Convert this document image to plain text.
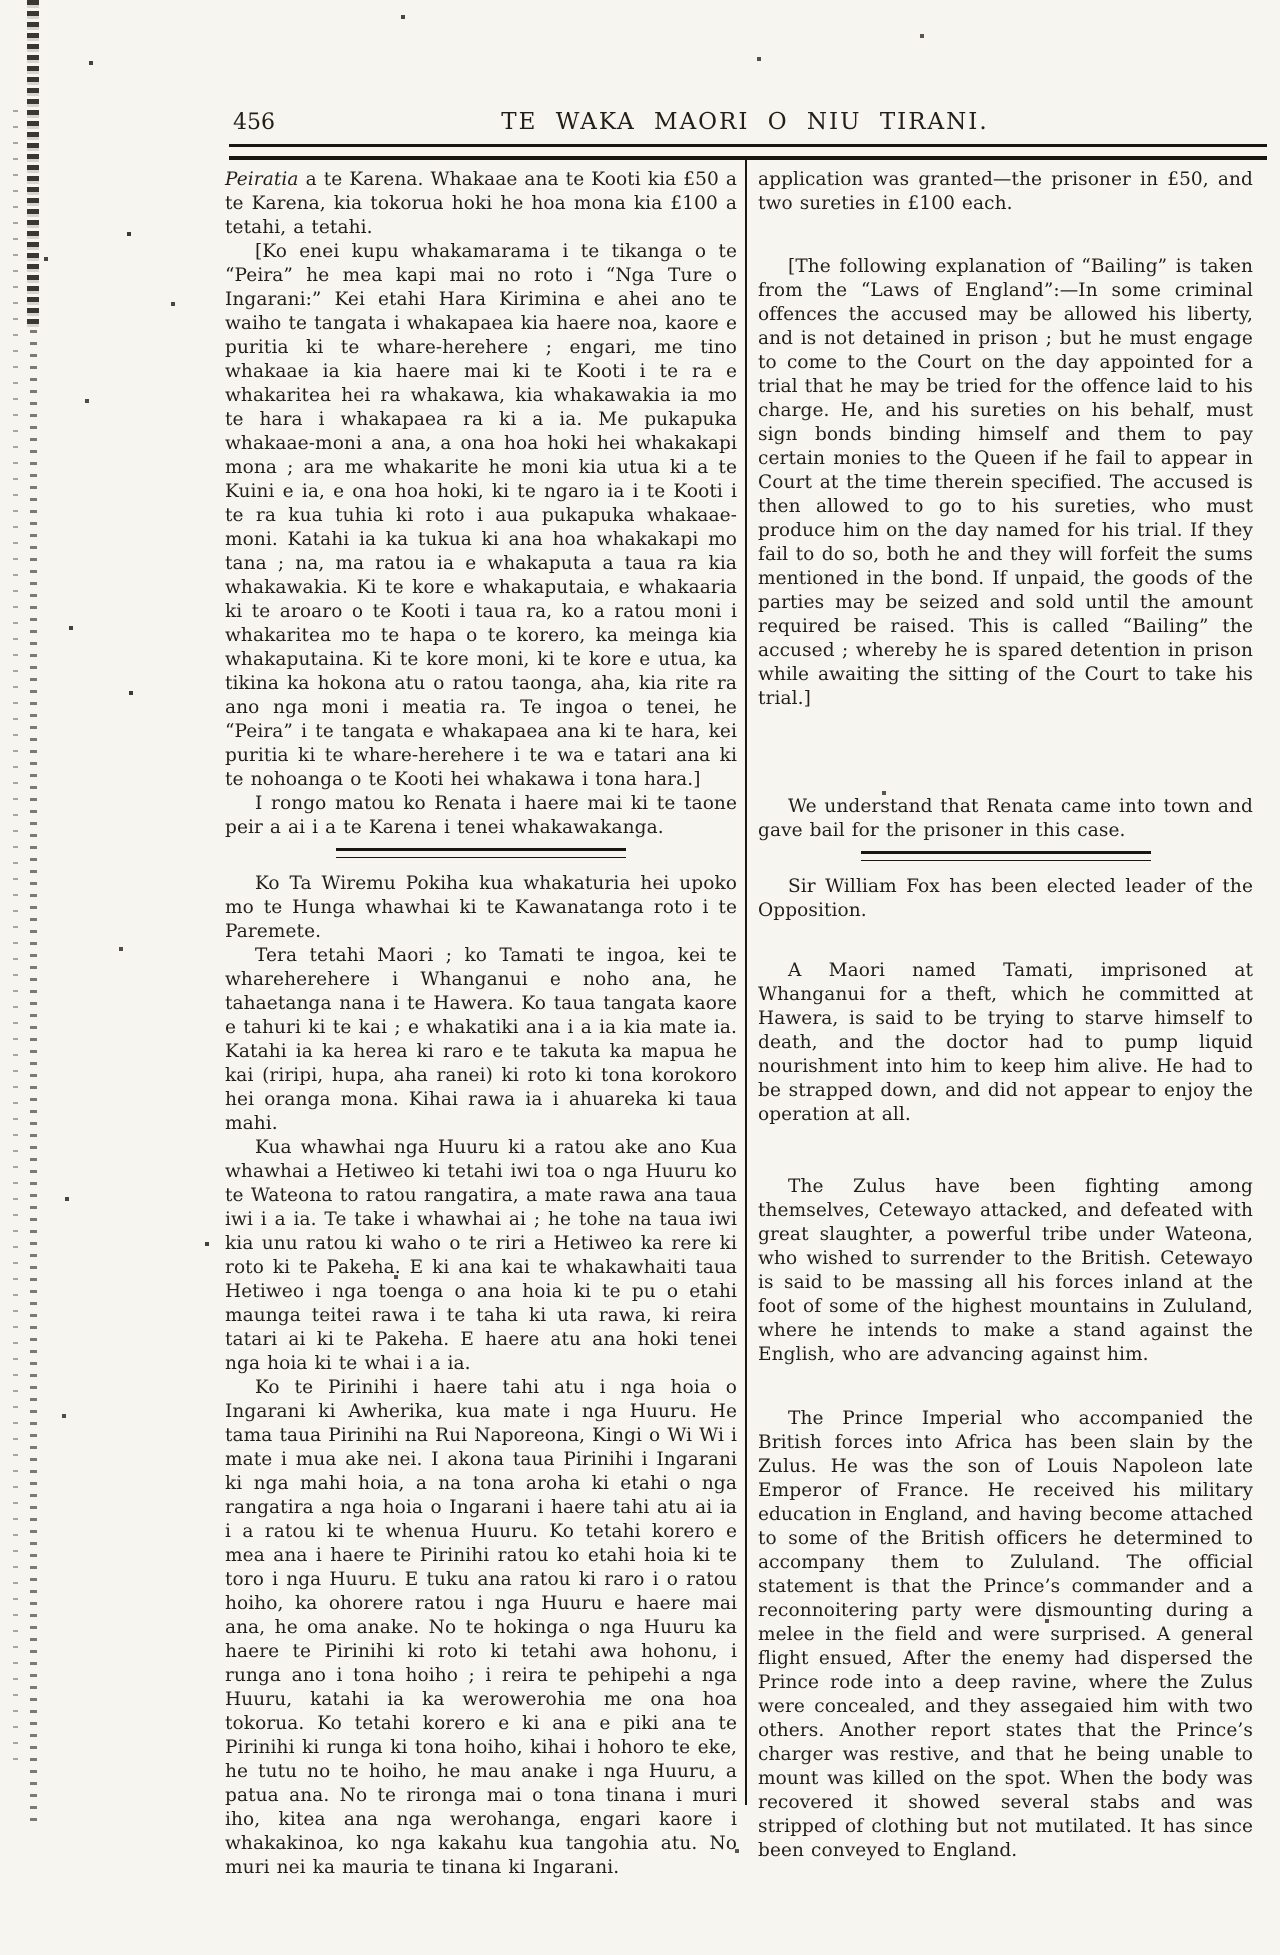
456	TE WAKA MAORI O NIU TIRANI.

Peiratia a te Karena. Whakaae ana te Kooti kia £50 a te Karena, kia tokorua hoki he hoa mona kia £100 a tetahi, a tetahi.

[Ko enei kupu whakamarama i te tikanga o te “Peira” he mea kapi mai no roto i “Nga Ture o Ingarani:” Kei etahi Hara Kirimina e ahei ano te waiho te tangata i whakapaea kia haere noa, kaore e puritia ki te whare-herehere ; engari, me tino whakaae ia kia haere mai ki te Kooti i te ra e whakaritea hei ra whakawa, kia whakawakia ia mo te hara i whakapaea ra ki a ia. Me pukapuka whakaae-moni a ana, a ona hoa hoki hei whakakapi mona ; ara me whakarite he moni kia utua ki a te Kuini e ia, e ona hoa hoki, ki te ngaro ia i te Kooti i te ra kua tuhia ki roto i aua pukapuka whakaae-moni. Katahi ia ka tukua ki ana hoa whakakapi mo tana ; na, ma ratou ia e whakaputa a taua ra kia whakawakia. Ki te kore e whakaputaia, e whakaaria ki te aroaro o te Kooti i taua ra, ko a ratou moni i whakaritea mo te hapa o te korero, ka meinga kia whakaputaina. Ki te kore moni, ki te kore e utua, ka tikina ka hokona atu o ratou taonga, aha, kia rite ra ano nga moni i meatia ra. Te ingoa o tenei, he “Peira” i te tangata e whakapaea ana ki te hara, kei puritia ki te whare-herehere i te wa e tatari ana ki te nohoanga o te Kooti hei whakawa i tona hara.]

I rongo matou ko Renata i haere mai ki te taone peir a ai i a te Karena i tenei whakawakanga.

Ko Ta Wiremu Pokiha kua whakaturia hei upoko mo te Hunga whawhai ki te Kawanatanga roto i te Paremete.

Tera tetahi Maori ; ko Tamati te ingoa, kei te whareherehere i Whanganui e noho ana, he tahaetanga nana i te Hawera. Ko taua tangata kaore e tahuri ki te kai ; e whakatiki ana i a ia kia mate ia. Katahi ia ka herea ki raro e te takuta ka mapua he kai (riripi, hupa, aha ranei) ki roto ki tona korokoro hei oranga mona. Kihai rawa ia i ahuareka ki taua mahi.

Kua whawhai nga Huuru ki a ratou ake ano Kua whawhai a Hetiweo ki tetahi iwi toa o nga Huuru ko te Wateona to ratou rangatira, a mate rawa ana taua iwi i a ia. Te take i whawhai ai ; he tohe na taua iwi kia unu ratou ki waho o te riri a Hetiweo ka rere ki roto ki te Pakeha. E ki ana kai te whakawhaiti taua Hetiweo i nga toenga o ana hoia ki te pu o etahi maunga teitei rawa i te taha ki uta rawa, ki reira tatari ai ki te Pakeha. E haere atu ana hoki tenei nga hoia ki te whai i a ia.

Ko te Pirinihi i haere tahi atu i nga hoia o Ingarani ki Awherika, kua mate i nga Huuru. He tama taua Pirinihi na Rui Naporeona, Kingi o Wi Wi i mate i mua ake nei. I akona taua Pirinihi i Ingarani ki nga mahi hoia, a na tona aroha ki etahi o nga rangatira a nga hoia o Ingarani i haere tahi atu ai ia i a ratou ki te whenua Huuru. Ko tetahi korero e mea ana i haere te Pirinihi ratou ko etahi hoia ki te toro i nga Huuru. E tuku ana ratou ki raro i o ratou hoiho, ka ohorere ratou i nga Huuru e haere mai ana, he oma anake. No te hokinga o nga Huuru ka haere te Pirinihi ki roto ki tetahi awa hohonu, i runga ano i tona hoiho ; i reira te pehipehi a nga Huuru, katahi ia ka werowerohia me ona hoa tokorua. Ko tetahi korero e ki ana e piki ana te Pirinihi ki runga ki tona hoiho, kihai i hohoro te eke, he tutu no te hoiho, he mau anake i nga Huuru, a patua ana. No te rironga mai o tona tinana i muri iho, kitea ana nga werohanga, engari kaore i whakakinoa, ko nga kakahu kua tangohia atu. No muri nei ka mauria te tinana ki Ingarani.

application was granted—the prisoner in £50, and two sureties in £100 each.

[The following explanation of “Bailing” is taken from the “Laws of England”:—In some criminal offences the accused may be allowed his liberty, and is not detained in prison ; but he must engage to come to the Court on the day appointed for a trial that he may be tried for the offence laid to his charge. He, and his sureties on his behalf, must sign bonds binding himself and them to pay certain monies to the Queen if he fail to appear in Court at the time therein specified. The accused is then allowed to go to his sureties, who must produce him on the day named for his trial. If they fail to do so, both he and they will forfeit the sums mentioned in the bond. If unpaid, the goods of the parties may be seized and sold until the amount required be raised. This is called “Bailing” the accused ; whereby he is spared detention in prison while awaiting the sitting of the Court to take his trial.]

We understand that Renata came into town and gave bail for the prisoner in this case.

Sir William Fox has been elected leader of the Opposition.

A Maori named Tamati, imprisoned at Whanganui for a theft, which he committed at Hawera, is said to be trying to starve himself to death, and the doctor had to pump liquid nourishment into him to keep him alive. He had to be strapped down, and did not appear to enjoy the operation at all.

The Zulus have been fighting among themselves, Cetewayo attacked, and defeated with great slaughter, a powerful tribe under Wateona, who wished to surrender to the British. Cetewayo is said to be massing all his forces inland at the foot of some of the highest mountains in Zululand, where he intends to make a stand against the English, who are advancing against him.

The Prince Imperial who accompanied the British forces into Africa has been slain by the Zulus. He was the son of Louis Napoleon late Emperor of France. He received his military education in England, and having become attached to some of the British officers he determined to accompany them to Zululand. The official statement is that the Prince’s commander and a reconnoitering party were dismounting during a melee in the field and were surprised. A general flight ensued, After the enemy had dispersed the Prince rode into a deep ravine, where the Zulus were concealed, and they assegaied him with two others. Another report states that the Prince’s charger was restive, and that he being unable to mount was killed on the spot. When the body was recovered it showed several stabs and was stripped of clothing but not mutilated. It has since been conveyed to England.
